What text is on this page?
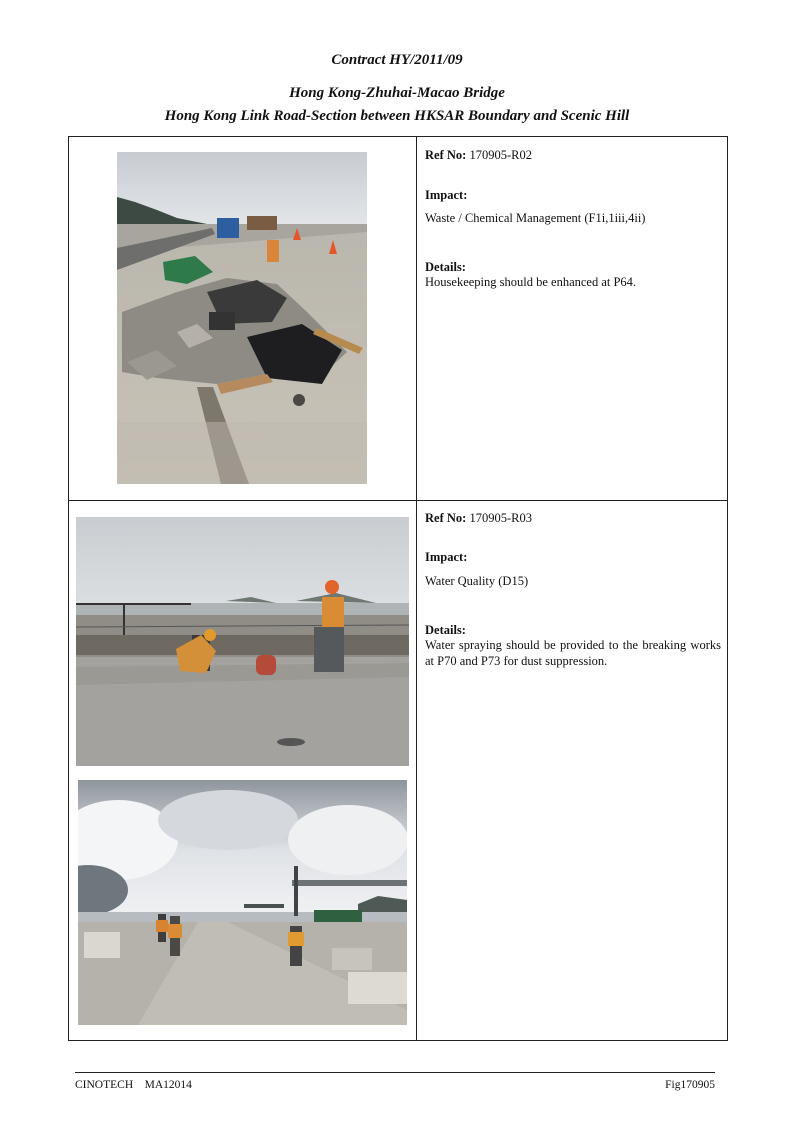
Contract HY/2011/09
Hong Kong-Zhuhai-Macao Bridge
Hong Kong Link Road-Section between HKSAR Boundary and Scenic Hill
Ref No: 170905-R02
Impact:
Waste / Chemical Management (F1i,1iii,4ii)
Details:
Housekeeping should be enhanced at P64.
Ref No: 170905-R03
Impact:
Water Quality (D15)
Details:
Water spraying should be provided to the breaking works at P70 and P73 for dust suppression.
CINOTECH    MA12014	Fig170905
